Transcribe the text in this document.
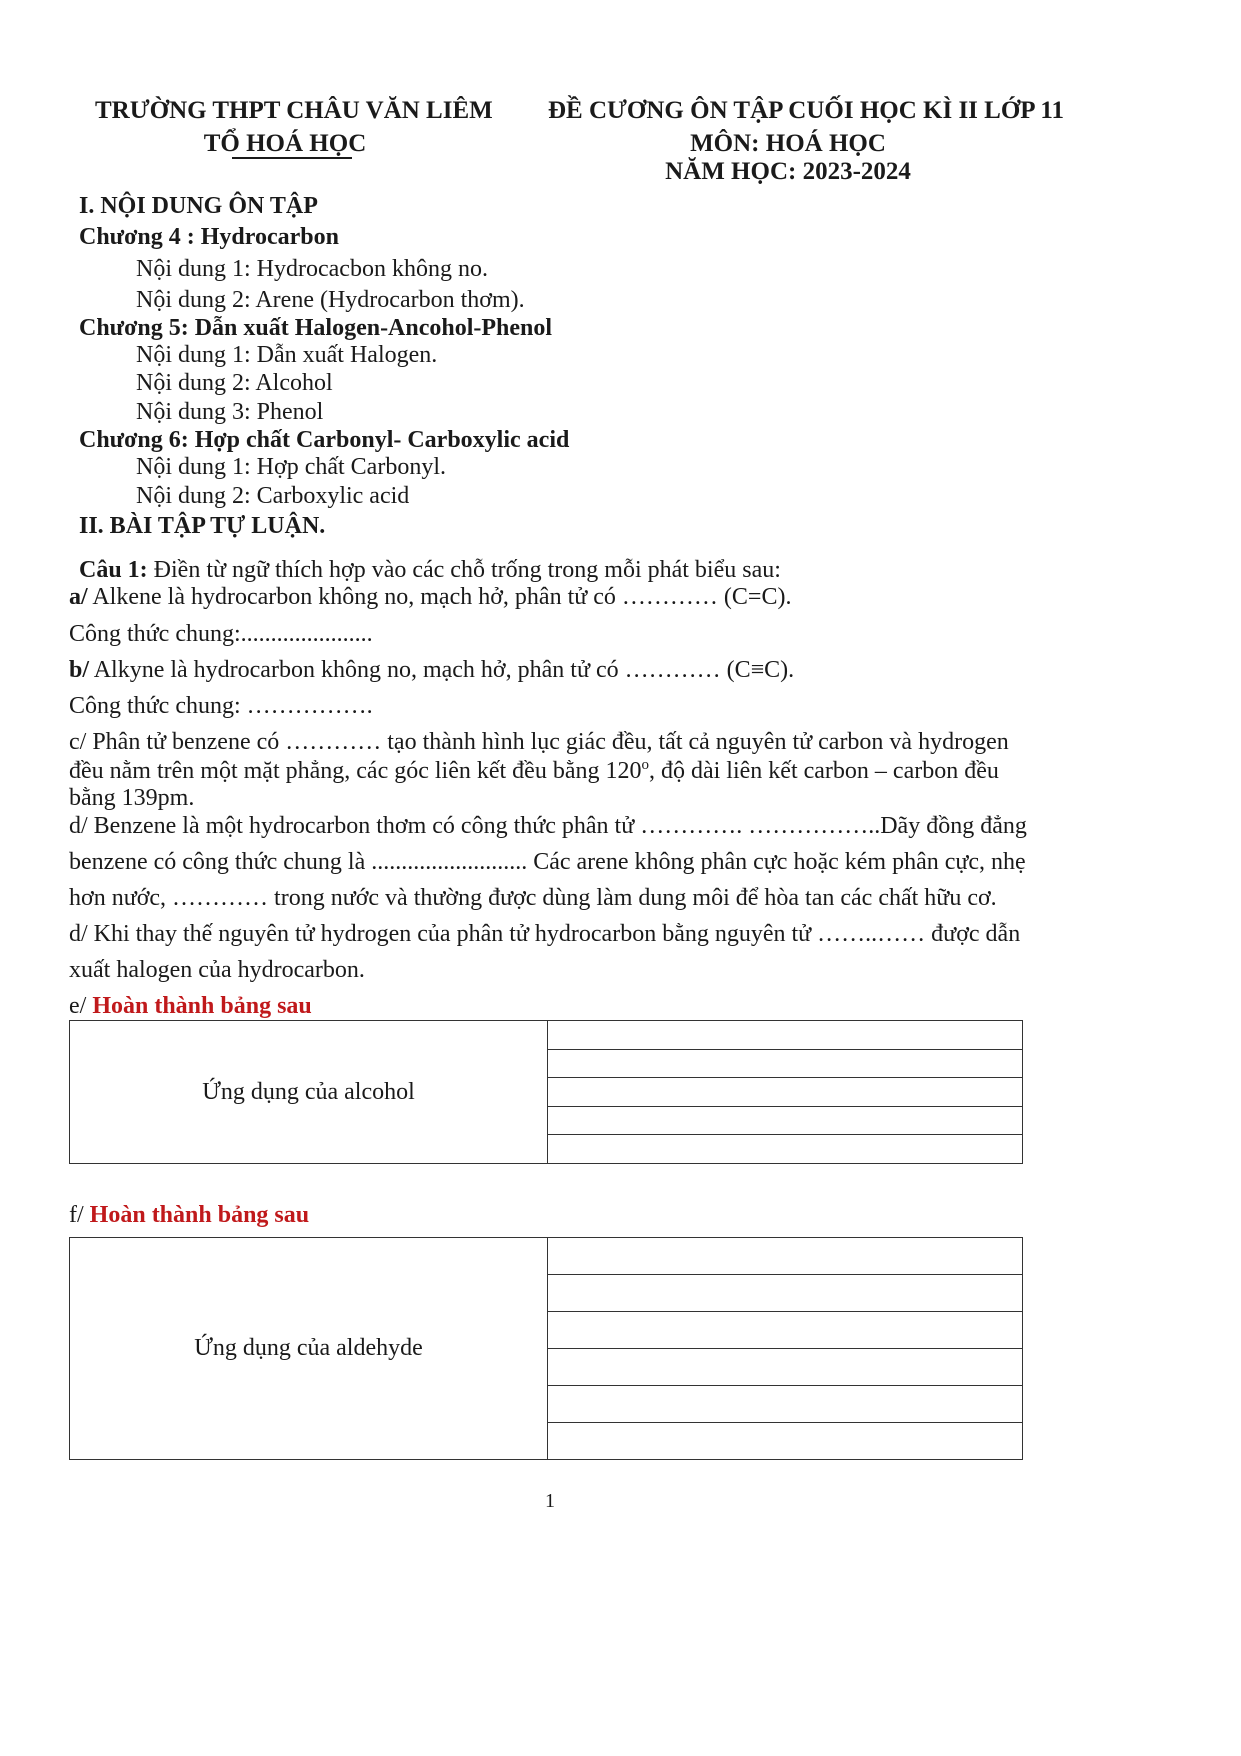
TRƯỜNG THPT CHÂU VĂN LIÊM
TỔ HOÁ HỌC
ĐỀ CƯƠNG ÔN TẬP CUỐI HỌC KÌ II LỚP 11
MÔN: HOÁ HỌC
NĂM HỌC: 2023-2024
I. NỘI DUNG ÔN TẬP
Chương 4 : Hydrocarbon
Nội dung 1: Hydrocacbon không no.
Nội dung 2: Arene (Hydrocarbon thơm).
Chương 5: Dẫn xuất Halogen-Ancohol-Phenol
Nội dung 1: Dẫn xuất Halogen.
Nội dung 2: Alcohol
Nội dung 3: Phenol
Chương 6: Hợp chất Carbonyl- Carboxylic acid
Nội dung 1: Hợp chất Carbonyl.
Nội dung 2: Carboxylic acid
II. BÀI TẬP TỰ LUẬN.
Câu 1: Điền từ ngữ thích hợp vào các chỗ trống trong mỗi phát biểu sau:
a/ Alkene là hydrocarbon không no, mạch hở, phân tử có ………… (C=C).
Công thức chung:......................
b/ Alkyne là hydrocarbon không no, mạch hở, phân tử có ………… (C≡C).
Công thức chung: …………….
c/ Phân tử benzene có ………… tạo thành hình lục giác đều, tất cả nguyên tử carbon và hydrogen
đều nằm trên một mặt phẳng, các góc liên kết đều bằng 120$^o$, độ dài liên kết carbon – carbon đều
bằng 139pm.
d/ Benzene là một hydrocarbon thơm có công thức phân tử …………. ……………..Dãy đồng đẳng
benzene có công thức chung là .......................... Các arene không phân cực hoặc kém phân cực, nhẹ
hơn nước, ………… trong nước và thường được dùng làm dung môi để hòa tan các chất hữu cơ.
d/ Khi thay thế nguyên tử hydrogen của phân tử hydrocarbon bằng nguyên tử ……..…… được dẫn
xuất halogen của hydrocarbon.
e/ Hoàn thành bảng sau
Ứng dụng của alcohol
f/ Hoàn thành bảng sau
Ứng dụng của aldehyde
1
